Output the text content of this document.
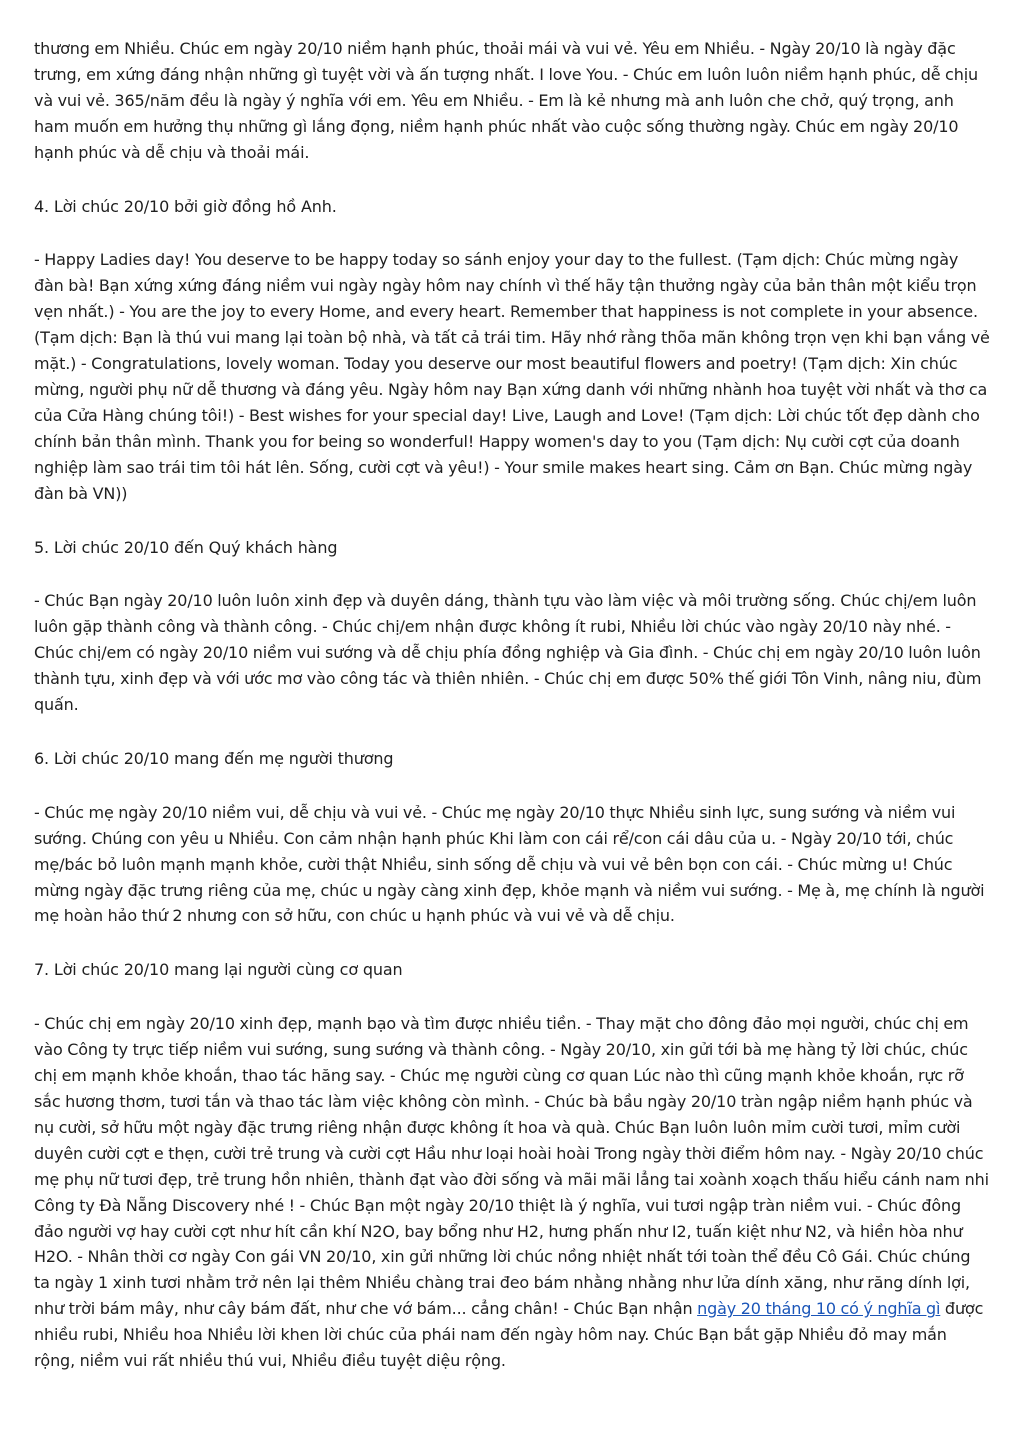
thương em Nhiều. Chúc em ngày 20/10 niềm hạnh phúc, thoải mái và vui vẻ. Yêu em Nhiều. - Ngày 20/10 là ngày đặc trưng, em xứng đáng nhận những gì tuyệt vời và ấn tượng nhất. I love You. - Chúc em luôn luôn niềm hạnh phúc, dễ chịu và vui vẻ. 365/năm đều là ngày ý nghĩa với em. Yêu em Nhiều. - Em là kẻ nhưng mà anh luôn che chở, quý trọng, anh ham muốn em hưởng thụ những gì lắng đọng, niềm hạnh phúc nhất vào cuộc sống thường ngày. Chúc em ngày 20/10 hạnh phúc và dễ chịu và thoải mái.

4. Lời chúc 20/10 bởi giờ đồng hồ Anh.

- Happy Ladies day! You deserve to be happy today so sánh enjoy your day to the fullest. (Tạm dịch: Chúc mừng ngày đàn bà! Bạn xứng xứng đáng niềm vui ngày ngày hôm nay chính vì thế hãy tận thưởng ngày của bản thân một kiểu trọn vẹn nhất.) - You are the joy to every Home, and every heart. Remember that happiness is not complete in your absence. (Tạm dịch: Bạn là thú vui mang lại toàn bộ nhà, và tất cả trái tim. Hãy nhớ rằng thõa mãn không trọn vẹn khi bạn vắng vẻ mặt.) - Congratulations, lovely woman. Today you deserve our most beautiful flowers and poetry! (Tạm dịch: Xin chúc mừng, người phụ nữ dễ thương và đáng yêu. Ngày hôm nay Bạn xứng danh với những nhành hoa tuyệt vời nhất và thơ ca của Cửa Hàng chúng tôi!) - Best wishes for your special day! Live, Laugh and Love! (Tạm dịch: Lời chúc tốt đẹp dành cho chính bản thân mình. Thank you for being so wonderful! Happy women's day to you (Tạm dịch: Nụ cười cợt của doanh nghiệp làm sao trái tim tôi hát lên. Sống, cười cợt và yêu!) - Your smile makes heart sing. Cảm ơn Bạn. Chúc mừng ngày đàn bà VN))

5. Lời chúc 20/10 đến Quý khách hàng

- Chúc Bạn ngày 20/10 luôn luôn xinh đẹp và duyên dáng, thành tựu vào làm việc và môi trường sống. Chúc chị/em luôn luôn gặp thành công và thành công. - Chúc chị/em nhận được không ít rubi, Nhiều lời chúc vào ngày 20/10 này nhé. - Chúc chị/em có ngày 20/10 niềm vui sướng và dễ chịu phía đồng nghiệp và Gia đình. - Chúc chị em ngày 20/10 luôn luôn thành tựu, xinh đẹp và với ước mơ vào công tác và thiên nhiên. - Chúc chị em được 50% thế giới Tôn Vinh, nâng niu, đùm quấn.

6. Lời chúc 20/10 mang đến mẹ người thương

- Chúc mẹ ngày 20/10 niềm vui, dễ chịu và vui vẻ. - Chúc mẹ ngày 20/10 thực Nhiều sinh lực, sung sướng và niềm vui sướng. Chúng con yêu u Nhiều. Con cảm nhận hạnh phúc Khi làm con cái rể/con cái dâu của u. - Ngày 20/10 tới, chúc mẹ/bác bỏ luôn mạnh mạnh khỏe, cười thật Nhiều, sinh sống dễ chịu và vui vẻ bên bọn con cái. - Chúc mừng u! Chúc mừng ngày đặc trưng riêng của mẹ, chúc u ngày càng xinh đẹp, khỏe mạnh và niềm vui sướng. - Mẹ à, mẹ chính là người mẹ hoàn hảo thứ 2 nhưng con sở hữu, con chúc u hạnh phúc và vui vẻ và dễ chịu.

7. Lời chúc 20/10 mang lại người cùng cơ quan

- Chúc chị em ngày 20/10 xinh đẹp, mạnh bạo và tìm được nhiều tiền. - Thay mặt cho đông đảo mọi người, chúc chị em vào Công ty trực tiếp niềm vui sướng, sung sướng và thành công. - Ngày 20/10, xin gửi tới bà mẹ hàng tỷ lời chúc, chúc chị em mạnh khỏe khoắn, thao tác hăng say. - Chúc mẹ người cùng cơ quan Lúc nào thì cũng mạnh khỏe khoắn, rực rỡ sắc hương thơm, tươi tắn và thao tác làm việc không còn mình. - Chúc bà bầu ngày 20/10 tràn ngập niềm hạnh phúc và nụ cười, sở hữu một ngày đặc trưng riêng nhận được không ít hoa và quà. Chúc Bạn luôn luôn mỉm cười tươi, mỉm cười duyên cười cợt e thẹn, cười trẻ trung và cười cợt Hầu như loại hoài hoài Trong ngày thời điểm hôm nay. - Ngày 20/10 chúc mẹ phụ nữ tươi đẹp, trẻ trung hồn nhiên, thành đạt vào đời sống và mãi mãi lẳng tai xoành xoạch thấu hiểu cánh nam nhi Công ty Đà Nẵng Discovery nhé ! - Chúc Bạn một ngày 20/10 thiệt là ý nghĩa, vui tươi ngập tràn niềm vui. - Chúc đông đảo người vợ hay cười cợt như hít cần khí N2O, bay bổng như H2, hưng phấn như I2, tuấn kiệt như N2, và hiền hòa như H2O. - Nhân thời cơ ngày Con gái VN 20/10, xin gửi những lời chúc nồng nhiệt nhất tới toàn thể đều Cô Gái. Chúc chúng ta ngày 1 xinh tươi nhằm trở nên lại thêm Nhiều chàng trai đeo bám nhằng nhằng như lửa dính xăng, như răng dính lợi, như trời bám mây, như cây bám đất, như che vớ bám... cẳng chân! - Chúc Bạn nhận ngày 20 tháng 10 có ý nghĩa gì được nhiều rubi, Nhiều hoa Nhiều lời khen lời chúc của phái nam đến ngày hôm nay. Chúc Bạn bắt gặp Nhiều đỏ may mắn rộng, niềm vui rất nhiều thú vui, Nhiều điều tuyệt diệu rộng.
